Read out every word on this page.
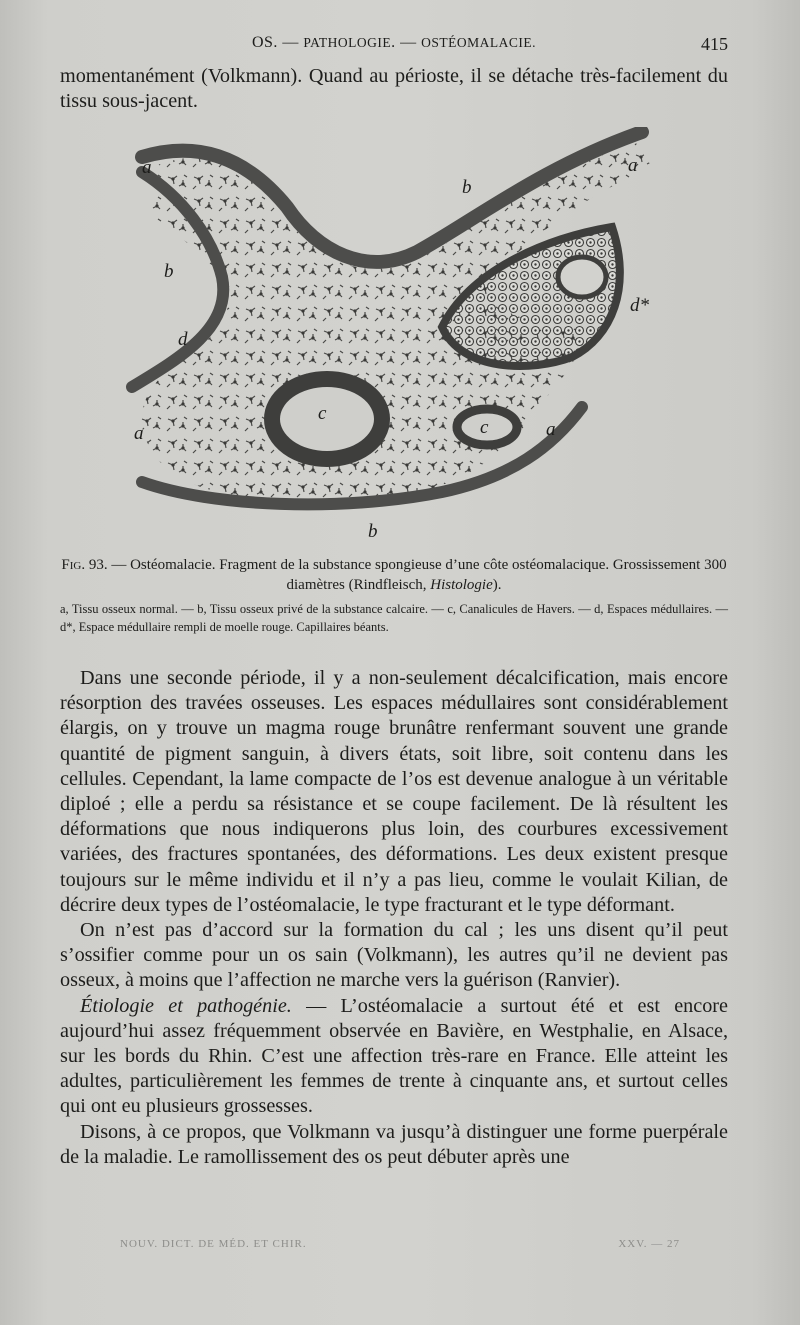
OS. — PATHOLOGIE. — OSTÉOMALACIE.	415

momentanément (Volkmann). Quand au périoste, il se détache très-facilement du tissu sous-jacent.

a	a
b
b
d
d*
c
c
a	a
b
Fig. 93. — Ostéomalacie. Fragment de la substance spongieuse d’une côte ostéomalacique. Grossissement 300 diamètres (Rindfleisch, Histologie).
a, Tissu osseux normal. — b, Tissu osseux privé de la substance calcaire. — c, Canalicules de Havers. — d, Espaces médullaires. — d*, Espace médullaire rempli de moelle rouge. Capillaires béants.

Dans une seconde période, il y a non-seulement décalcification, mais encore résorption des travées osseuses. Les espaces médullaires sont considérablement élargis, on y trouve un magma rouge brunâtre renfermant souvent une grande quantité de pigment sanguin, à divers états, soit libre, soit contenu dans les cellules. Cependant, la lame compacte de l’os est devenue analogue à un véritable diploé ; elle a perdu sa résistance et se coupe facilement. De là résultent les déformations que nous indiquerons plus loin, des courbures excessivement variées, des fractures spontanées, des déformations. Les deux existent presque toujours sur le même individu et il n’y a pas lieu, comme le voulait Kilian, de décrire deux types de l’ostéomalacie, le type fracturant et le type déformant.

On n’est pas d’accord sur la formation du cal ; les uns disent qu’il peut s’ossifier comme pour un os sain (Volkmann), les autres qu’il ne devient pas osseux, à moins que l’affection ne marche vers la guérison (Ranvier).

Étiologie et pathogénie. — L’ostéomalacie a surtout été et est encore aujourd’hui assez fréquemment observée en Bavière, en Westphalie, en Alsace, sur les bords du Rhin. C’est une affection très-rare en France. Elle atteint les adultes, particulièrement les femmes de trente à cinquante ans, et surtout celles qui ont eu plusieurs grossesses.

Disons, à ce propos, que Volkmann va jusqu’à distinguer une forme puerpérale de la maladie. Le ramollissement des os peut débuter après une

NOUV. DICT. DE MÉD. ET CHIR.	XXV. — 27
